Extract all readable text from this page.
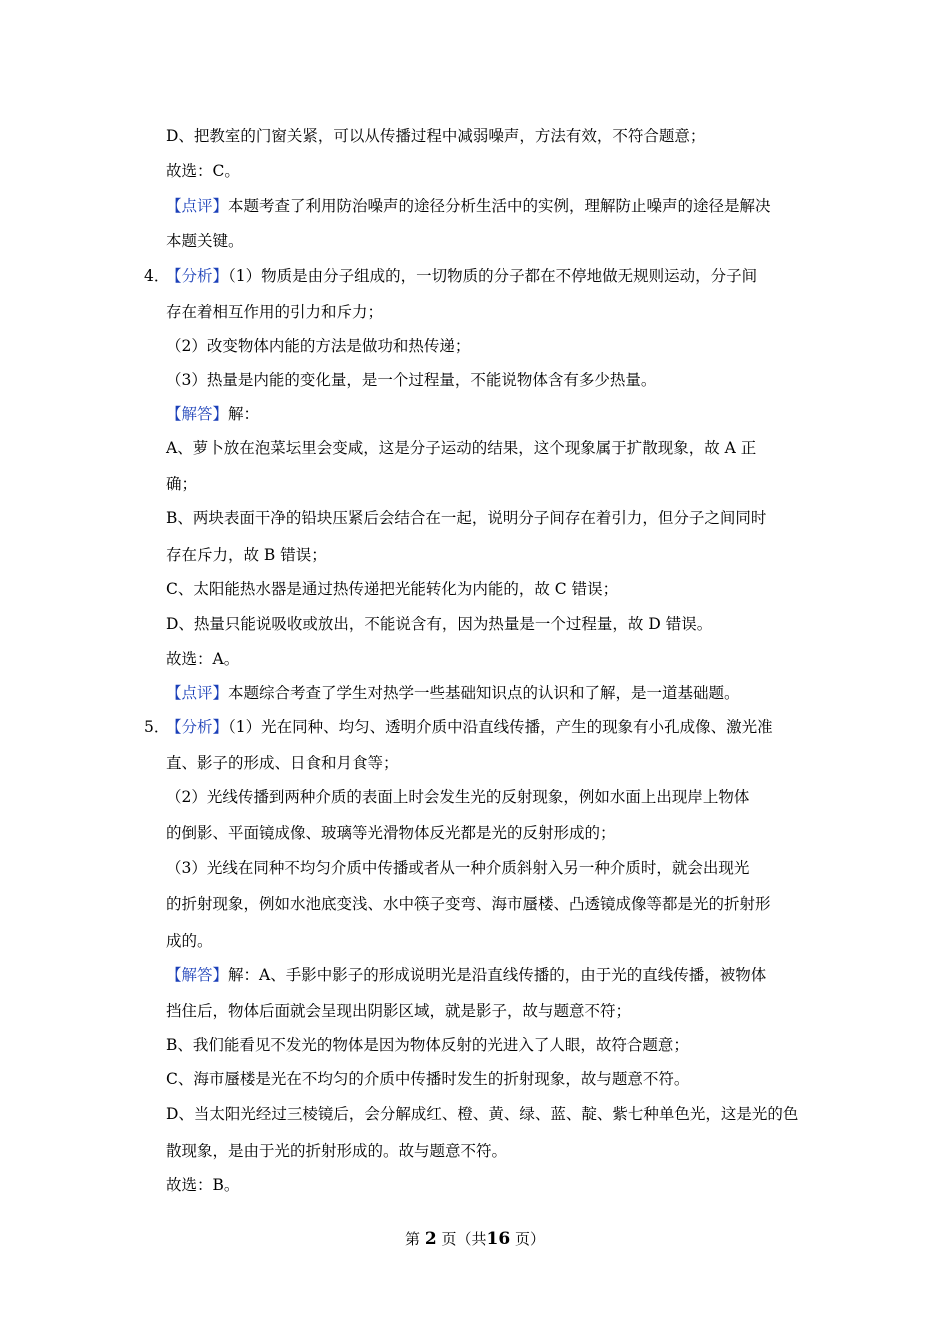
D、把教室的门窗关紧，可以从传播过程中减弱噪声，方法有效，不符合题意；
故选：C。
【点评】本题考查了利用防治噪声的途径分析生活中的实例，理解防止噪声的途径是解决
本题关键。
4．
【分析】（1）物质是由分子组成的，一切物质的分子都在不停地做无规则运动，分子间
存在着相互作用的引力和斥力；
（2）改变物体内能的方法是做功和热传递；
（3）热量是内能的变化量，是一个过程量，不能说物体含有多少热量。
【解答】解：
A、萝卜放在泡菜坛里会变咸，这是分子运动的结果，这个现象属于扩散现象，故 A 正
确；
B、两块表面干净的铅块压紧后会结合在一起，说明分子间存在着引力，但分子之间同时
存在斥力，故 B 错误；
C、太阳能热水器是通过热传递把光能转化为内能的，故 C 错误；
D、热量只能说吸收或放出，不能说含有，因为热量是一个过程量，故 D 错误。
故选：A。
【点评】本题综合考查了学生对热学一些基础知识点的认识和了解，是一道基础题。
5．
【分析】（1）光在同种、均匀、透明介质中沿直线传播，产生的现象有小孔成像、激光准
直、影子的形成、日食和月食等；
（2）光线传播到两种介质的表面上时会发生光的反射现象，例如水面上出现岸上物体
的倒影、平面镜成像、玻璃等光滑物体反光都是光的反射形成的；
（3）光线在同种不均匀介质中传播或者从一种介质斜射入另一种介质时，就会出现光
的折射现象，例如水池底变浅、水中筷子变弯、海市蜃楼、凸透镜成像等都是光的折射形
成的。
【解答】解：A、手影中影子的形成说明光是沿直线传播的，由于光的直线传播，被物体
挡住后，物体后面就会呈现出阴影区域，就是影子，故与题意不符；
B、我们能看见不发光的物体是因为物体反射的光进入了人眼，故符合题意；
C、海市蜃楼是光在不均匀的介质中传播时发生的折射现象，故与题意不符。
D、当太阳光经过三棱镜后，会分解成红、橙、黄、绿、蓝、靛、紫七种单色光，这是光的色
散现象，是由于光的折射形成的。故与题意不符。
故选：B。
第 2 页（共16 页）
